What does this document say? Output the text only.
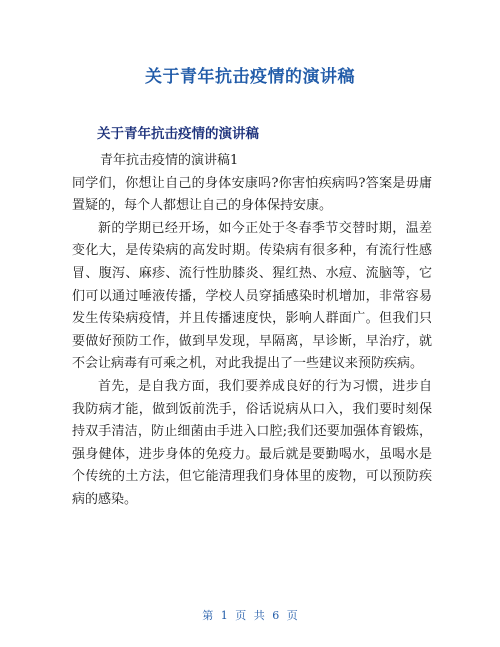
关于青年抗击疫情的演讲稿
关于青年抗击疫情的演讲稿

青年抗击疫情的演讲稿1

同学们，你想让自己的身体安康吗?你害怕疾病吗?答案是毋庸置疑的，每个人都想让自己的身体保持安康。

新的学期已经开场，如今正处于冬春季节交替时期，温差变化大，是传染病的高发时期。传染病有很多种，有流行性感冒、腹泻、麻疹、流行性肋膝炎、猩红热、水痘、流脑等，它们可以通过唾液传播，学校人员穿插感染时机增加，非常容易发生传染病疫情，并且传播速度快，影响人群面广。但我们只要做好预防工作，做到早发现，早隔离，早诊断，早治疗，就不会让病毒有可乘之机，对此我提出了一些建议来预防疾病。

首先，是自我方面，我们要养成良好的行为习惯，进步自我防病才能，做到饭前洗手，俗话说病从口入，我们要时刻保持双手清洁，防止细菌由手进入口腔;我们还要加强体育锻炼，强身健体，进步身体的免疫力。最后就是要勤喝水，虽喝水是个传统的土方法，但它能清理我们身体里的废物，可以预防疾病的感染。

第 1 页 共 6 页
